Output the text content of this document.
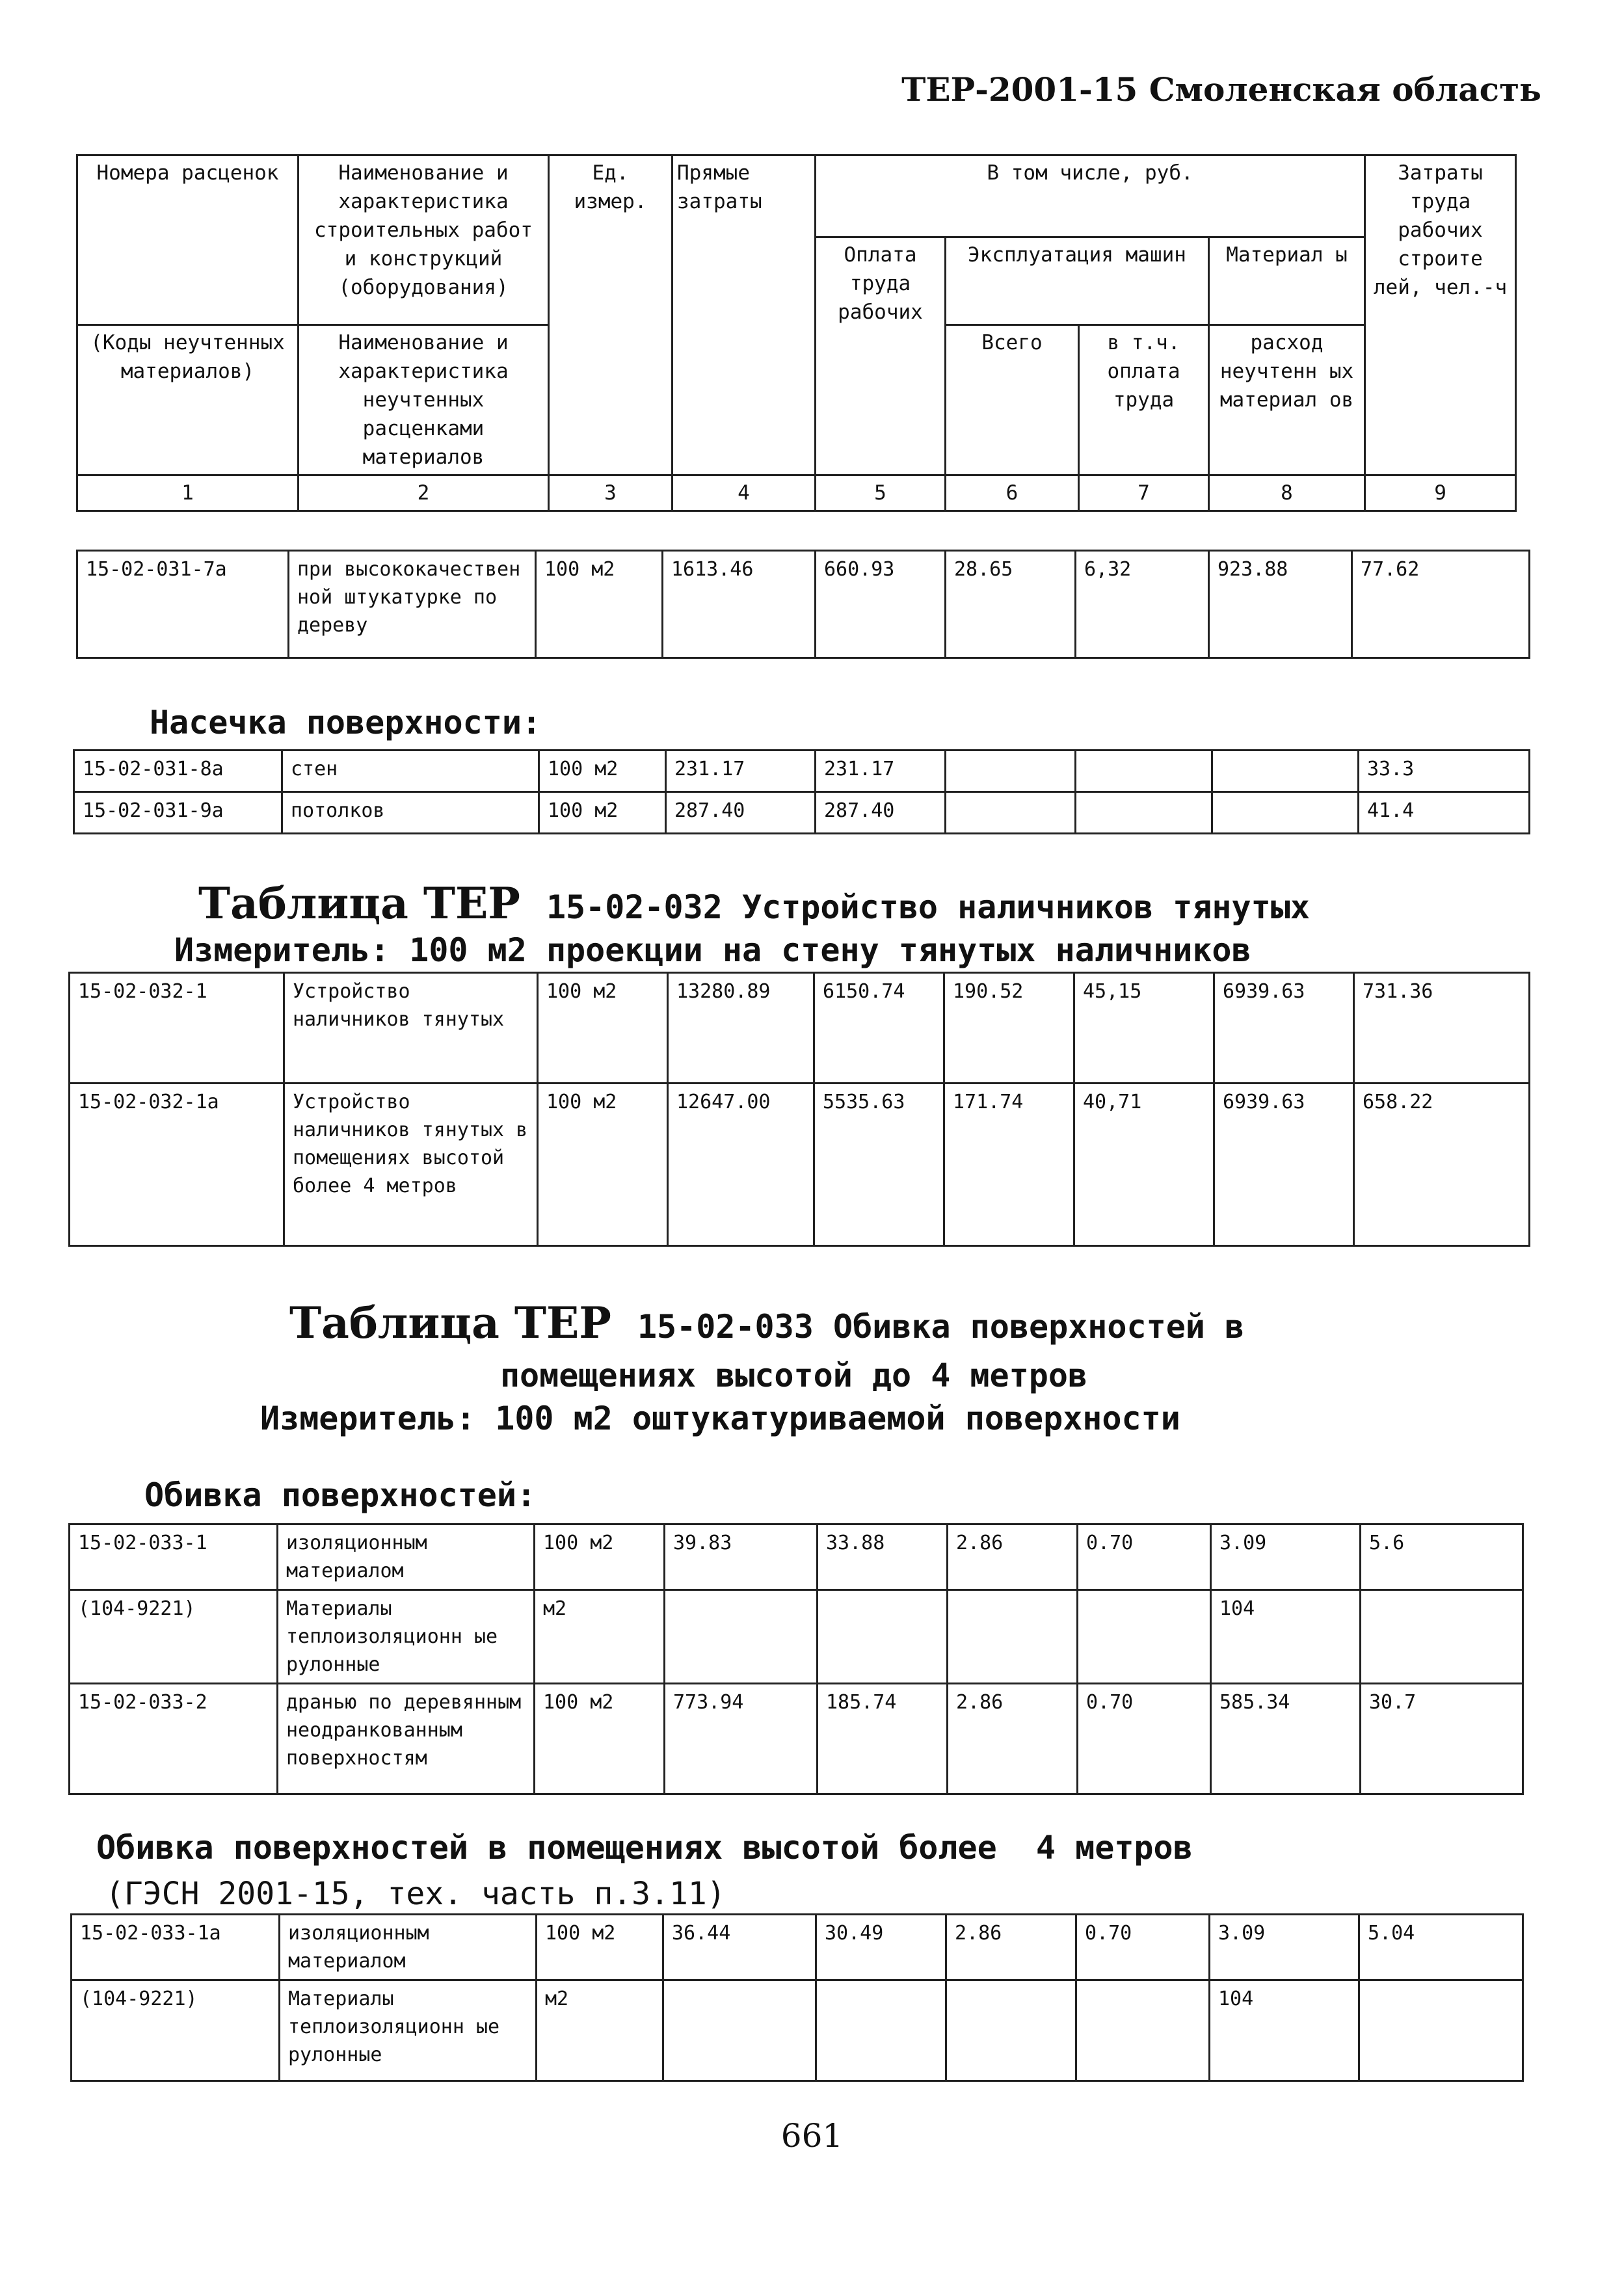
ТЕР-2001-15 Смоленская область
Номера расценок	Наименование и характеристика строительных работ и конструкций (оборудования)	Ед. измер.	Прямые затраты	В том числе, руб.				Затраты труда рабочих строите лей, чел.-ч
				Оплата труда рабочих	Эксплуатация машин		Материал ы	
(Коды неучтенных материалов)	Наименование и характеристика неучтенных расценками материалов				Всего	в т.ч. оплата труда	расход неучтенн ых материал ов	

1	2	3	4	5	6	7	8	9
15-02-031-7а	при высококачествен ной штукатурке по дереву	100 м2	1613.46	660.93	28.65	6,32	923.88	77.62
Насечка поверхности:
15-02-031-8а	стен	100 м2	231.17	231.17				33.3
15-02-031-9а	потолков	100 м2	287.40	287.40				41.4
Таблица ТЕР 15-02-032 Устройство наличников тянутых
Измеритель: 100 м2 проекции на стену тянутых наличников
15-02-032-1	Устройство наличников тянутых	100 м2	13280.89	6150.74	190.52	45,15	6939.63	731.36
15-02-032-1а	Устройство наличников тянутых в помещениях высотой более 4 метров	100 м2	12647.00	5535.63	171.74	40,71	6939.63	658.22
Таблица ТЕР 15-02-033 Обивка поверхностей в
помещениях высотой до 4 метров
Измеритель: 100 м2 оштукатуриваемой поверхности
Обивка поверхностей:
15-02-033-1	изоляционным материалом	100 м2	39.83	33.88	2.86	0.70	3.09	5.6
(104-9221)	Материалы теплоизоляционн ые рулонные	м2					104	
15-02-033-2	дранью по деревянным неодранкованным поверхностям	100 м2	773.94	185.74	2.86	0.70	585.34	30.7
Обивка поверхностей в помещениях высотой более  4 метров
(ГЭСН 2001-15, тех. часть п.3.11)
15-02-033-1а	изоляционным материалом	100 м2	36.44	30.49	2.86	0.70	3.09	5.04
(104-9221)	Материалы теплоизоляционн ые рулонные	м2					104	
661
